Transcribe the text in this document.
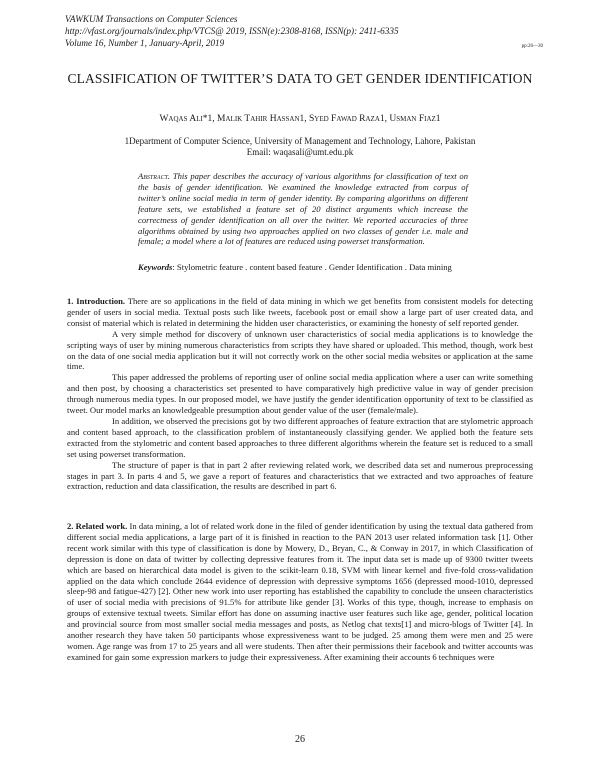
VAWKUM Transactions on Computer Sciences
http://vfast.org/journals/index.php/VTCS@ 2019, ISSN(e):2308-8168, ISSN(p): 2411-6335
Volume 16, Number 1, January-April, 2019	pp:26—30
CLASSIFICATION OF TWITTER’S DATA TO GET GENDER IDENTIFICATION
Waqas Ali*1, Malik Tahir Hassan1, Syed Fawad Raza1, Usman Fiaz1
1Department of Computer Science, University of Management and Technology, Lahore, Pakistan
Email: waqasali@umt.edu.pk
Abstract. This paper describes the accuracy of various algorithms for classification of text on the basis of gender identification. We examined the knowledge extracted from corpus of twitter’s online social media in term of gender identity. By comparing algorithms on different feature sets, we established a feature set of 20 distinct arguments which increase the correctness of gender identification on all over the twitter. We reported accuracies of three algorithms obtained by using two approaches applied on two classes of gender i.e. male and female; a model where a lot of features are reduced using powerset transformation.
Keywords: Stylometric feature . content based feature . Gender Identification . Data mining

1. Introduction. There are so applications in the field of data mining in which we get benefits from consistent models for detecting gender of users in social media. Textual posts such like tweets, facebook post or email show a large part of user created data, and consist of material which is related in determining the hidden user characteristics, or examining the honesty of self reported gender.

A very simple method for discovery of unknown user characteristics of social media applications is to knowledge the scripting ways of user by mining numerous characteristics from scripts they have shared or uploaded. This method, though, work best on the data of one social media application but it will not correctly work on the other social media websites or application at the same time.

This paper addressed the problems of reporting user of online social media application where a user can write something and then post, by choosing a characteristics set presented to have comparatively high predictive value in way of gender precision through numerous media types. In our proposed model, we have justify the gender identification opportunity of text to be classified as tweet. Our model marks an knowledgeable presumption about gender value of the user (female/male).

In addition, we observed the precisions got by two different approaches of feature extraction that are stylometric approach and content based approach, to the classification problem of instantaneously classifying gender. We applied both the feature sets extracted from the stylometric and content based approaches to three different algorithms wherein the feature set is reduced to a small set using powerset transformation.

The structure of paper is that in part 2 after reviewing related work, we described data set and numerous preprocessing stages in part 3. In parts 4 and 5, we gave a report of features and characteristics that we extracted and two approaches of feature extraction, reduction and data classification, the results are described in part 6.

2. Related work. In data mining, a lot of related work done in the filed of gender identification by using the textual data gathered from different social media applications, a large part of it is finished in reaction to the PAN 2013 user related information task [1]. Other recent work similar with this type of classification is done by Mowery, D., Bryan, C., & Conway in 2017, in which Classification of depression is done on data of twitter by collecting depressive features from it. The input data set is made up of 9300 twitter tweets which are based on hierarchical data model is given to the scikit-learn 0.18, SVM with linear kernel and five-fold cross-validation applied on the data which conclude 2644 evidence of depression with depressive symptoms 1656 (depressed mood-1010, depressed sleep-98 and fatigue-427) [2]. Other new work into user reporting has established the capability to conclude the unseen characteristics of user of social media with precisions of 91.5% for attribute like gender [3]. Works of this type, though, increase to emphasis on groups of extensive textual tweets. Similar effort has done on assuming inactive user features such like age, gender, political location and provincial source from most smaller social media messages and posts, as Netlog chat texts[1] and micro-blogs of Twitter [4]. In another research they have taken 50 participants whose expressiveness want to be judged. 25 among them were men and 25 were women. Age range was from 17 to 25 years and all were students. Then after their permissions their facebook and twitter accounts was examined for gain some expression markers to judge their expressiveness. After examining their accounts 6 techniques were

26
